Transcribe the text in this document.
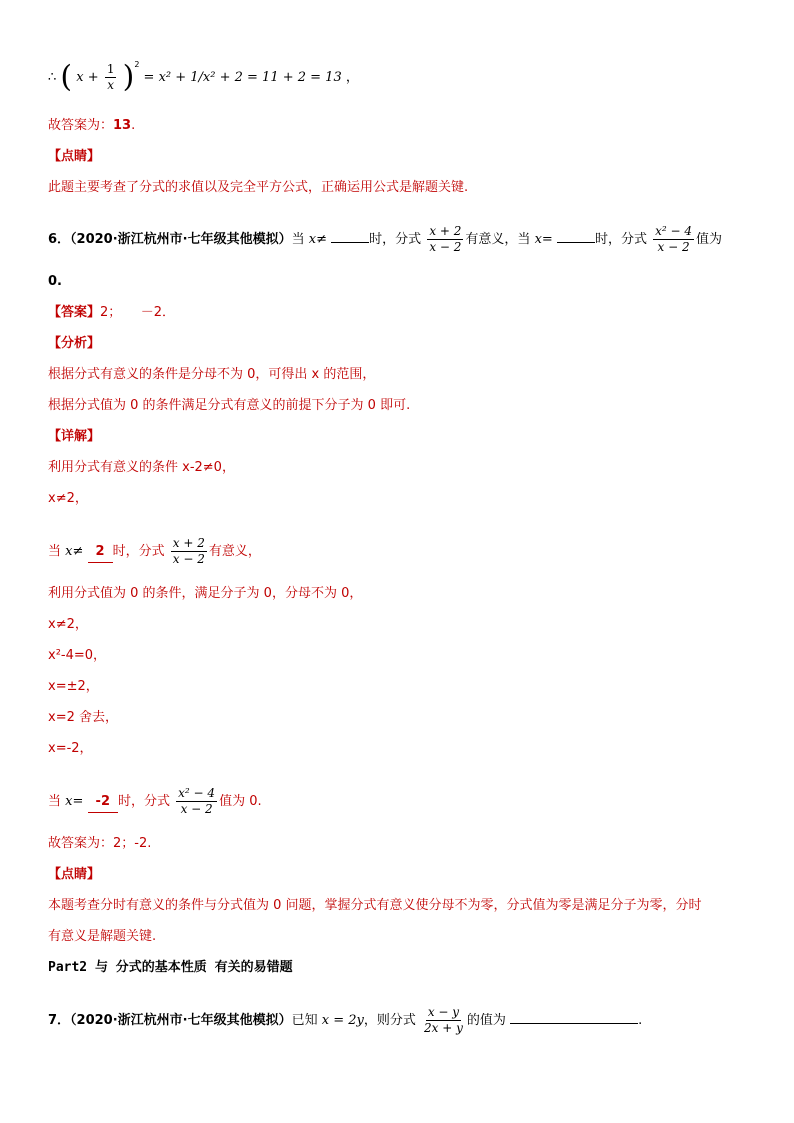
∴ ( $x + \frac{1}{x} )^2 = x^2 + 1/x^2 + 2 = 11 + 2 = 13$ ，
故答案为：13.
【点睛】
此题主要考查了分式的求值以及完全平方公式，正确运用公式是解题关键.
6．（2020·浙江杭州市·七年级其他模拟）当 x≠	时，分式 $\frac{x + 2}{x - 2}$ 有意义，当 x=	时，分式 $\frac{\text{x² − 4}}{x - 2}$ 值为
0.
【答案】2；　　－2．
【分析】
根据分式有意义的条件是分母不为 0，可得出 x 的范围，
根据分式值为 0 的条件满足分式有意义的前提下分子为 0 即可.
【详解】
利用分式有意义的条件 x-2≠0，
x≠2，
当 x≠ 2 时，分式 $\frac{x + 2}{x - 2}$ 有意义，
利用分式值为 0 的条件，满足分子为 0，分母不为 0，
x≠2，
x²-4=0，
x=±2，
x=2 舍去，
x=-2，
当 x= -2 时，分式 $\frac{\text{x² − 4}}{x - 2}$ 值为 0.
故答案为：2；-2.
【点睛】
本题考查分时有意义的条件与分式值为 0 问题，掌握分式有意义使分母不为零，分式值为零是满足分子为零，分时
有意义是解题关键.
Part2 与 分式的基本性质 有关的易错题
7．（2020·浙江杭州市·七年级其他模拟）已知 x = 2y，则分式 $\frac{x - y}{2x + y}$ 的值为	.
